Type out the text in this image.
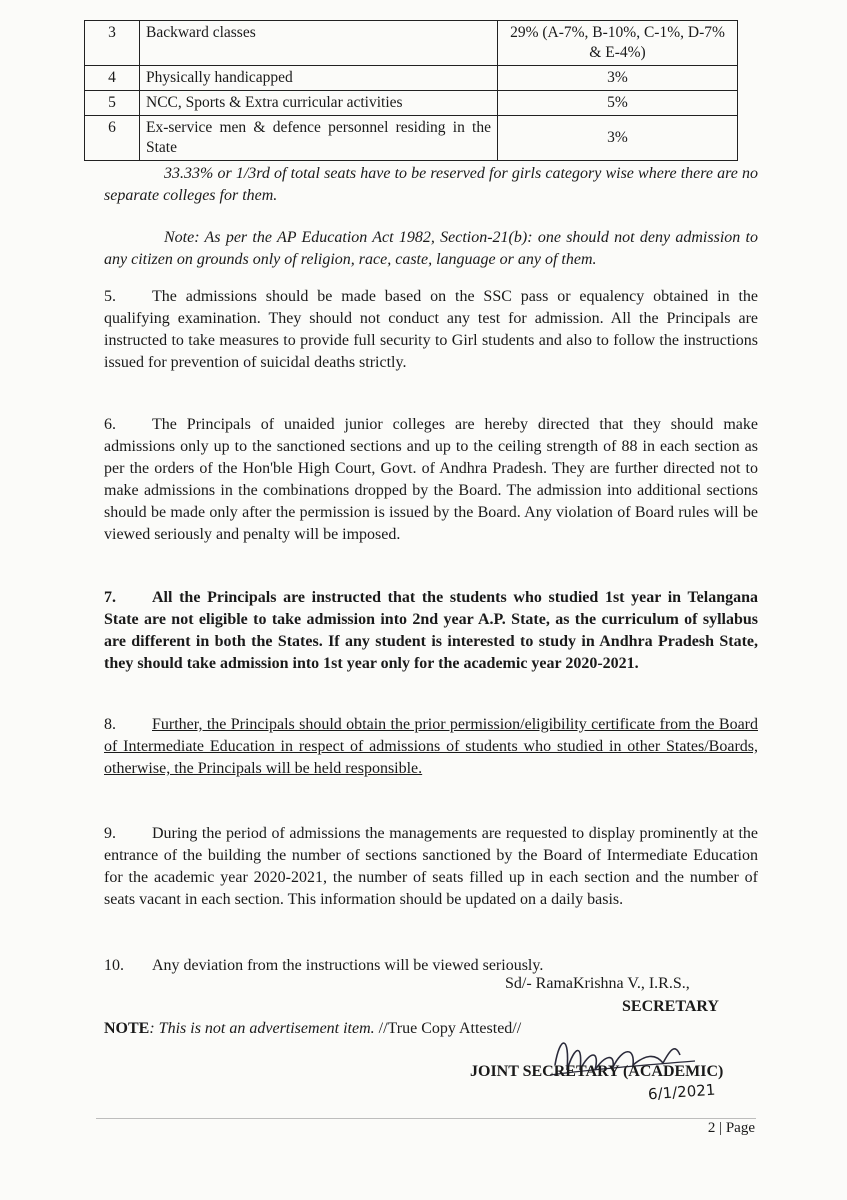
3	Backward classes	29% (A-7%, B-10%, C-1%, D-7% & E-4%)
4	Physically handicapped	3%
5	NCC, Sports & Extra curricular activities	5%
6	Ex-service men & defence personnel residing in the State	3%

33.33% or 1/3rd of total seats have to be reserved for girls category wise where there are no separate colleges for them.

Note: As per the AP Education Act 1982, Section-21(b): one should not deny admission to any citizen on grounds only of religion, race, caste, language or any of them.

5. The admissions should be made based on the SSC pass or equalency obtained in the qualifying examination. They should not conduct any test for admission. All the Principals are instructed to take measures to provide full security to Girl students and also to follow the instructions issued for prevention of suicidal deaths strictly.

6. The Principals of unaided junior colleges are hereby directed that they should make admissions only up to the sanctioned sections and up to the ceiling strength of 88 in each section as per the orders of the Hon'ble High Court, Govt. of Andhra Pradesh. They are further directed not to make admissions in the combinations dropped by the Board. The admission into additional sections should be made only after the permission is issued by the Board. Any violation of Board rules will be viewed seriously and penalty will be imposed.

7. All the Principals are instructed that the students who studied 1st year in Telangana State are not eligible to take admission into 2nd year A.P. State, as the curriculum of syllabus are different in both the States. If any student is interested to study in Andhra Pradesh State, they should take admission into 1st year only for the academic year 2020-2021.

8. Further, the Principals should obtain the prior permission/eligibility certificate from the Board of Intermediate Education in respect of admissions of students who studied in other States/Boards, otherwise, the Principals will be held responsible.

9. During the period of admissions the managements are requested to display prominently at the entrance of the building the number of sections sanctioned by the Board of Intermediate Education for the academic year 2020-2021, the number of seats filled up in each section and the number of seats vacant in each section. This information should be updated on a daily basis.

10. Any deviation from the instructions will be viewed seriously.

Sd/- RamaKrishna V., I.R.S.,
SECRETARY
NOTE: This is not an advertisement item. //True Copy Attested//
JOINT SECRETARY (ACADEMIC)
6/1/2021
2 | Page
